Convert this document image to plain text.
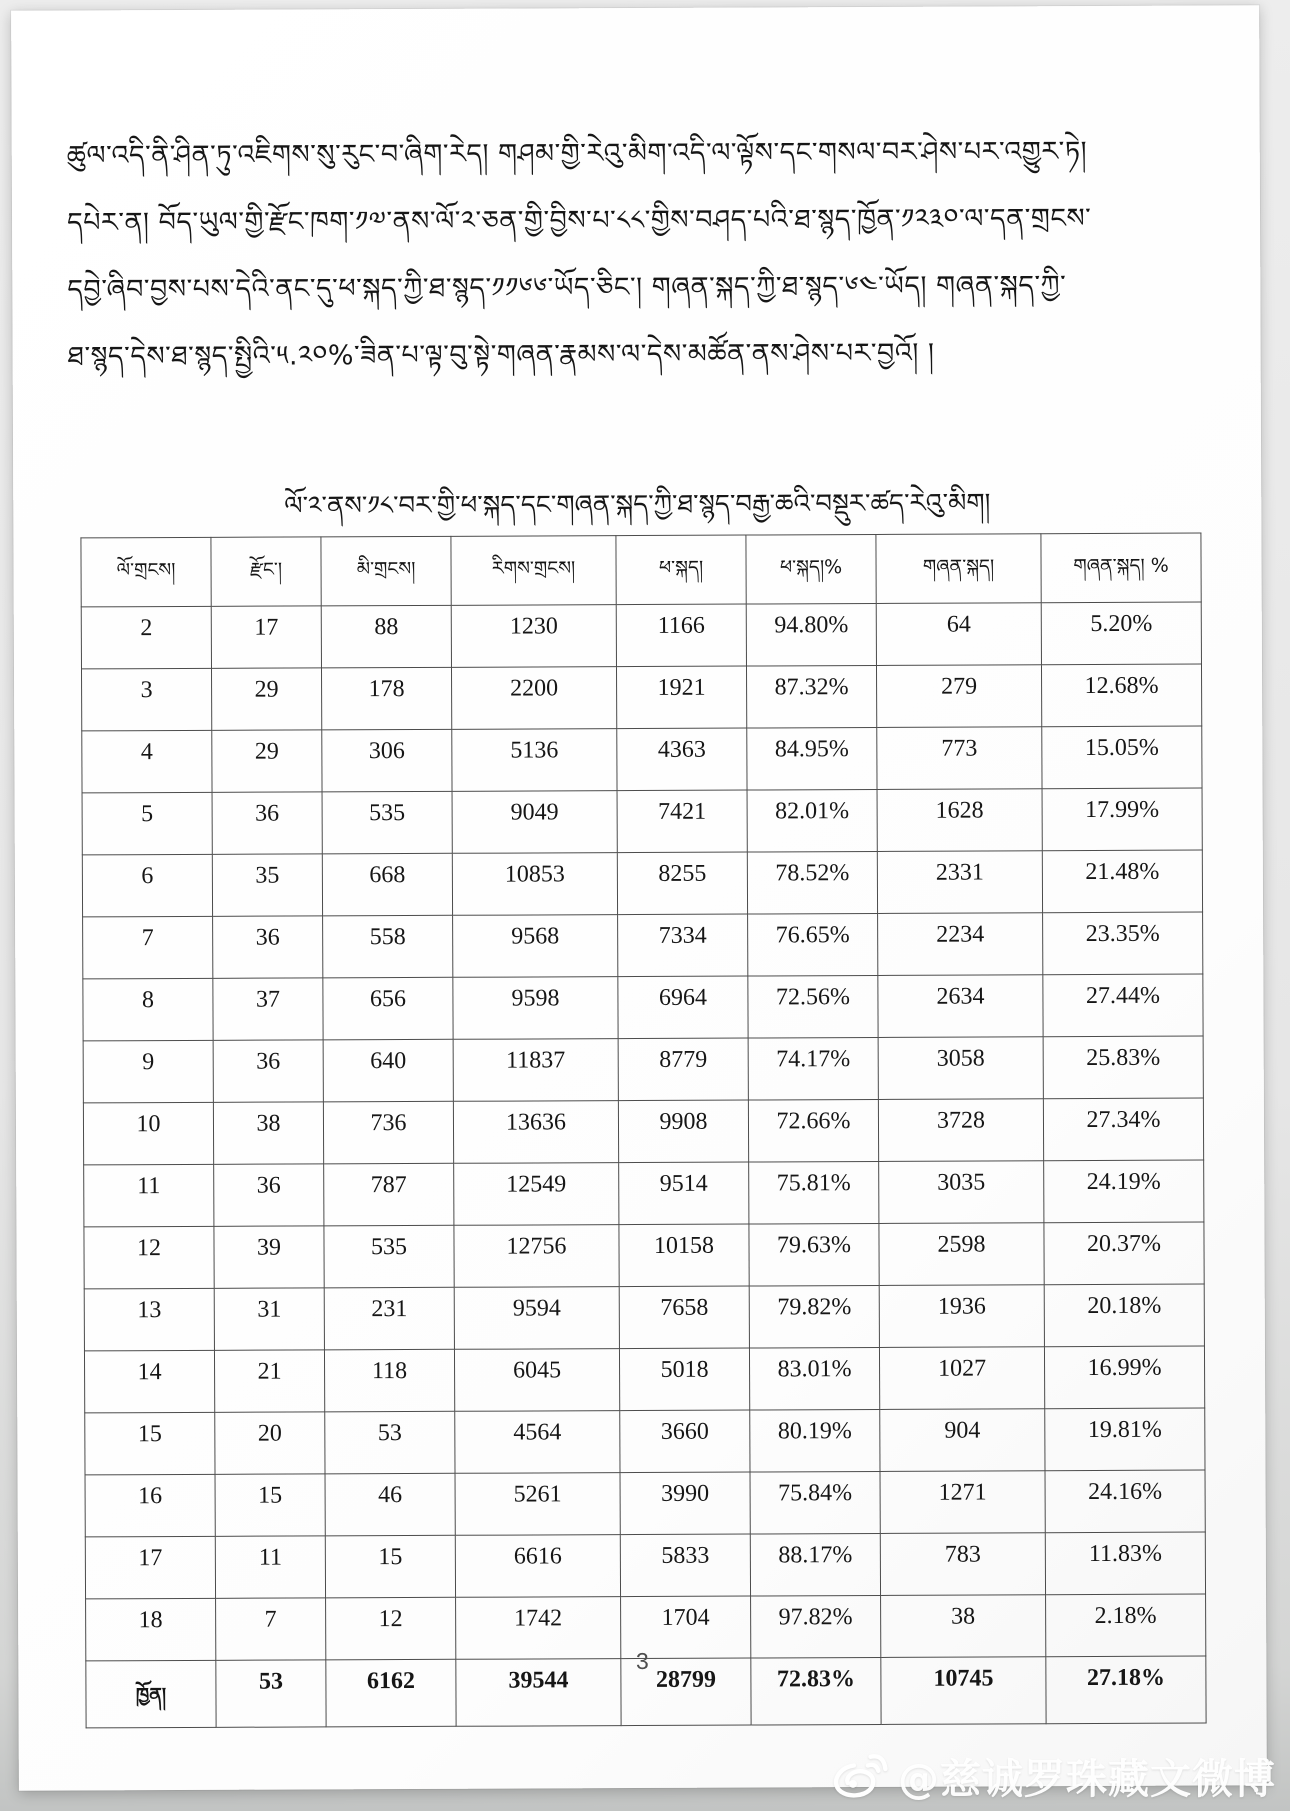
ཚུལ་འདི་ནི་ཤིན་ཏུ་འཇིགས་སུ་རུང་བ་ཞིག་རེད། གཤམ་གྱི་རེའུ་མིག་འདི་ལ་ལྟོས་དང་གསལ་བར་ཤེས་པར་འགྱུར་ཏེ།

དཔེར་ན། བོད་ཡུལ་གྱི་རྫོང་ཁག་༡༧་ནས་ལོ་༢་ཅན་གྱི་བྱིས་པ་༨༨་གྱིས་བཤད་པའི་ཐ་སྙད་ཁྱོན་༡༢༣༠་ལ་དན་གྲངས་

དབྱེ་ཞིབ་བྱས་པས་དེའི་ནང་དུ་ཕ་སྐད་ཀྱི་ཐ་སྙད་༡༡༦༦་ཡོད་ཅིང་། གཞན་སྐད་ཀྱི་ཐ་སྙད་༦༤་ཡོད། གཞན་སྐད་ཀྱི་

ཐ་སྙད་དེས་ཐ་སྙད་སྤྱིའི་༥.༢༠%་ཟིན་པ་ལྟ་བུ་སྟེ་གཞན་རྣམས་ལ་དེས་མཚོན་ནས་ཤེས་པར་བྱའོ། །

ལོ་༢་ནས་༡༨་བར་གྱི་ཕ་སྐད་དང་གཞན་སྐད་ཀྱི་ཐ་སྙད་བརྒྱ་ཆའི་བསྡུར་ཚད་རེའུ་མིག།
ལོ་གྲངས།	རྫོང་།	མི་གྲངས།	རིགས་གྲངས།	ཕ་སྐད།	ཕ་སྐད།%	གཞན་སྐད།	གཞན་སྐད། %
2	17	88	1230	1166	94.80%	64	5.20%
3	29	178	2200	1921	87.32%	279	12.68%
4	29	306	5136	4363	84.95%	773	15.05%
5	36	535	9049	7421	82.01%	1628	17.99%
6	35	668	10853	8255	78.52%	2331	21.48%
7	36	558	9568	7334	76.65%	2234	23.35%
8	37	656	9598	6964	72.56%	2634	27.44%
9	36	640	11837	8779	74.17%	3058	25.83%
10	38	736	13636	9908	72.66%	3728	27.34%
11	36	787	12549	9514	75.81%	3035	24.19%
12	39	535	12756	10158	79.63%	2598	20.37%
13	31	231	9594	7658	79.82%	1936	20.18%
14	21	118	6045	5018	83.01%	1027	16.99%
15	20	53	4564	3660	80.19%	904	19.81%
16	15	46	5261	3990	75.84%	1271	24.16%
17	11	15	6616	5833	88.17%	783	11.83%
18	7	12	1742	1704	97.82%	38	2.18%
ཁྱོན།	53	6162	39544	28799	72.83%	10745	27.18%
3
@慈诚罗珠藏文微博
